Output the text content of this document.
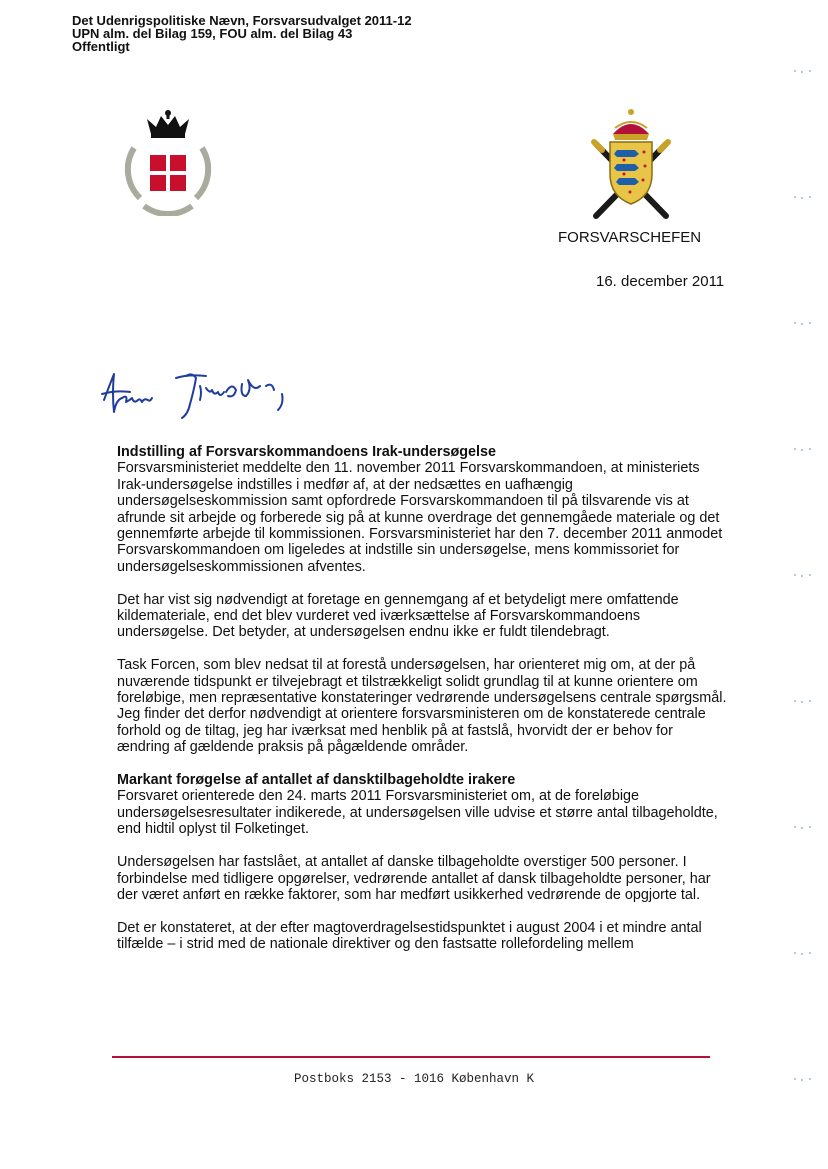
Det Udenrigspolitiske Nævn, Forsvarsudvalget 2011-12
UPN alm. del Bilag 159, FOU alm. del Bilag 43
Offentligt
FORSVARSCHEFEN
16. december 2011
Indstilling af Forsvarskommandoens Irak-undersøgelse

Forsvarsministeriet meddelte den 11. november 2011 Forsvarskommandoen, at ministeriets Irak-undersøgelse indstilles i medfør af, at der nedsættes en uafhængig undersøgelseskommission samt opfordrede Forsvarskommandoen til på tilsvarende vis at afrunde sit arbejde og forberede sig på at kunne overdrage det gennemgåede materiale og det gennemførte arbejde til kommissionen. Forsvarsministeriet har den 7. december 2011 anmodet Forsvarskommandoen om ligeledes at indstille sin undersøgelse, mens kommissoriet for undersøgelseskommissionen afventes.

Det har vist sig nødvendigt at foretage en gennemgang af et betydeligt mere omfattende kildemateriale, end det blev vurderet ved iværksættelse af Forsvarskommandoens undersøgelse. Det betyder, at undersøgelsen endnu ikke er fuldt tilendebragt.

Task Forcen, som blev nedsat til at forestå undersøgelsen, har orienteret mig om, at der på nuværende tidspunkt er tilvejebragt et tilstrækkeligt solidt grundlag til at kunne orientere om foreløbige, men repræsentative konstateringer vedrørende undersøgelsens centrale spørgsmål. Jeg finder det derfor nødvendigt at orientere forsvarsministeren om de konstaterede centrale forhold og de tiltag, jeg har iværksat med henblik på at fastslå, hvorvidt der er behov for ændring af gældende praksis på pågældende områder.

Markant forøgelse af antallet af dansktilbageholdte irakere

Forsvaret orienterede den 24. marts 2011 Forsvarsministeriet om, at de foreløbige undersøgelsesresultater indikerede, at undersøgelsen ville udvise et større antal tilbageholdte, end hidtil oplyst til Folketinget.

Undersøgelsen har fastslået, at antallet af danske tilbageholdte overstiger 500 personer. I forbindelse med tidligere opgørelser, vedrørende antallet af dansk tilbageholdte personer, har der været anført en række faktorer, som har medført usikkerhed vedrørende de opgjorte tal.

Det er konstateret, at der efter magtoverdragelsestidspunktet i august 2004 i et mindre antal tilfælde – i strid med de nationale direktiver og den fastsatte rollefordeling mellem

Postboks 2153 - 1016 København K
